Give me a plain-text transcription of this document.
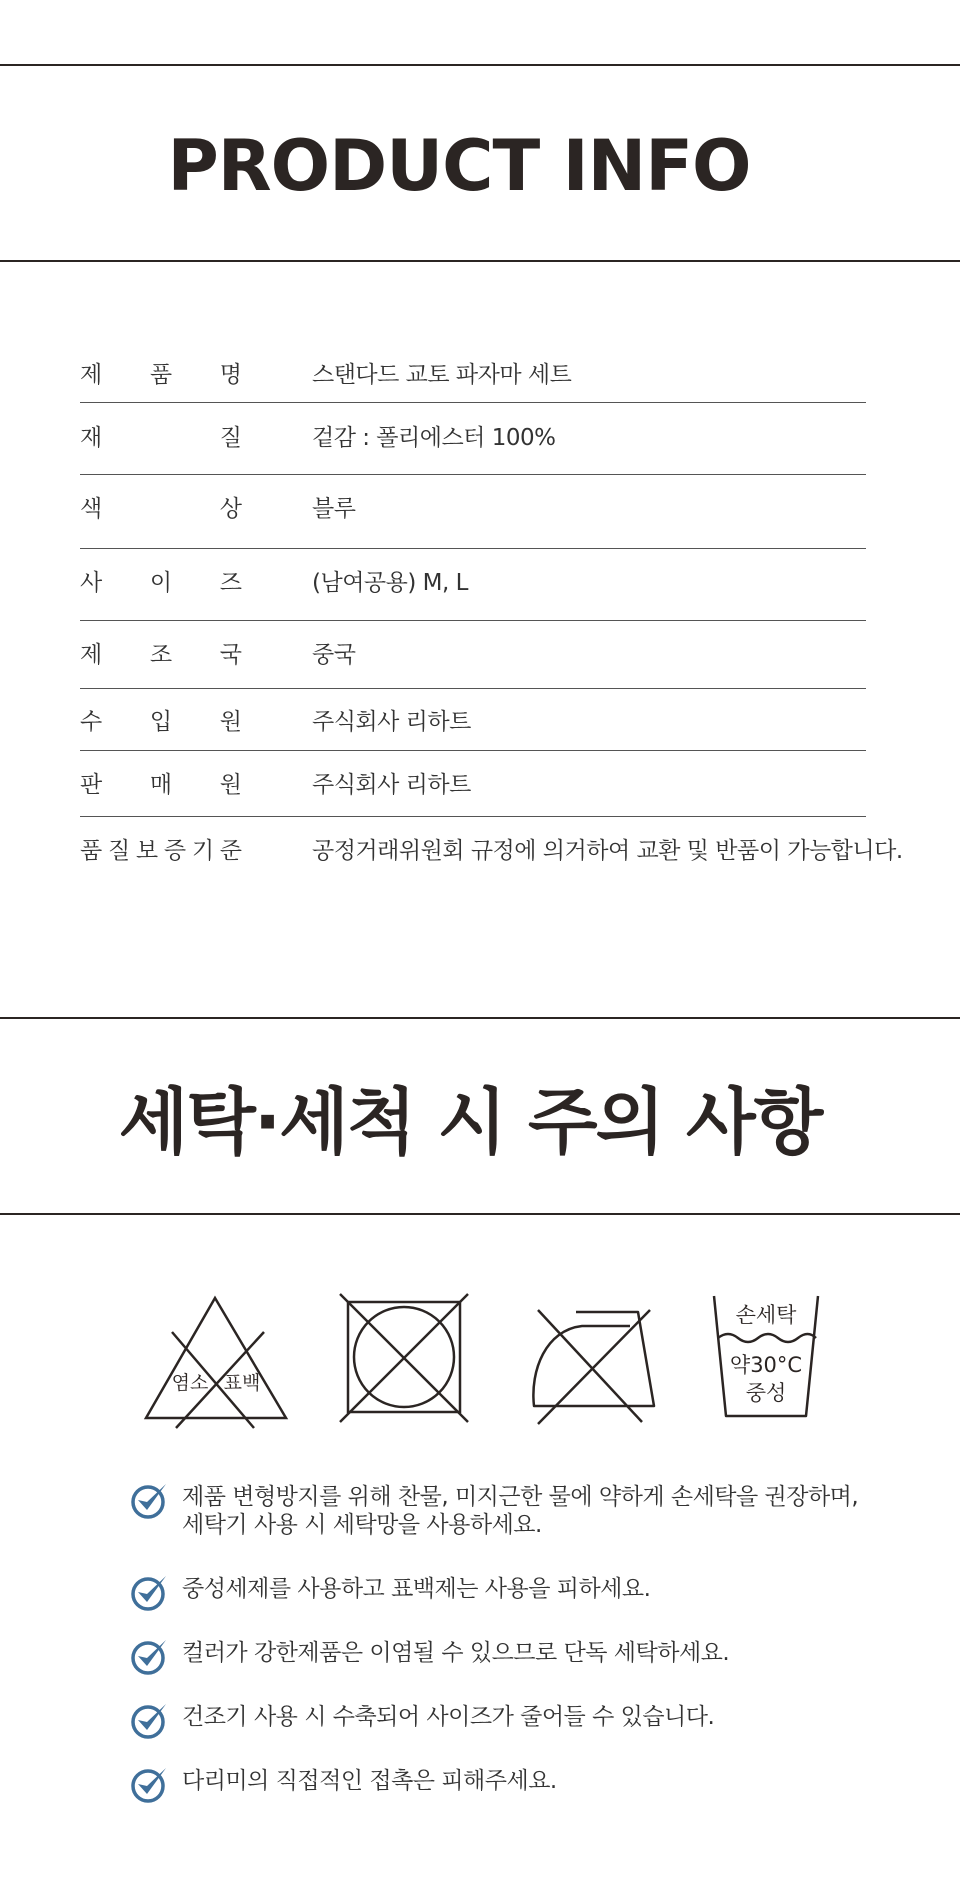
PRODUCT INFO
제 품 명	스탠다드 교토 파자마 세트
재	질	겉감 : 폴리에스터 100%
색	상	블루
사 이 즈	(남여공용) M, L
제 조 국	중국
수 입 원	주식회사 리하트
판 매 원	주식회사 리하트
품 질 보 증 기 준	공정거래위원회 규정에 의거하여 교환 및 반품이 가능합니다.
세탁·세척 시 주의 사항
염소 표백
손세탁
약30°C
중성
제품 변형방지를 위해 찬물, 미지근한 물에 약하게 손세탁을 권장하며,
세탁기 사용 시 세탁망을 사용하세요.
중성세제를 사용하고 표백제는 사용을 피하세요.
컬러가 강한제품은 이염될 수 있으므로 단독 세탁하세요.
건조기 사용 시 수축되어 사이즈가 줄어들 수 있습니다.
다리미의 직접적인 접촉은 피해주세요.
